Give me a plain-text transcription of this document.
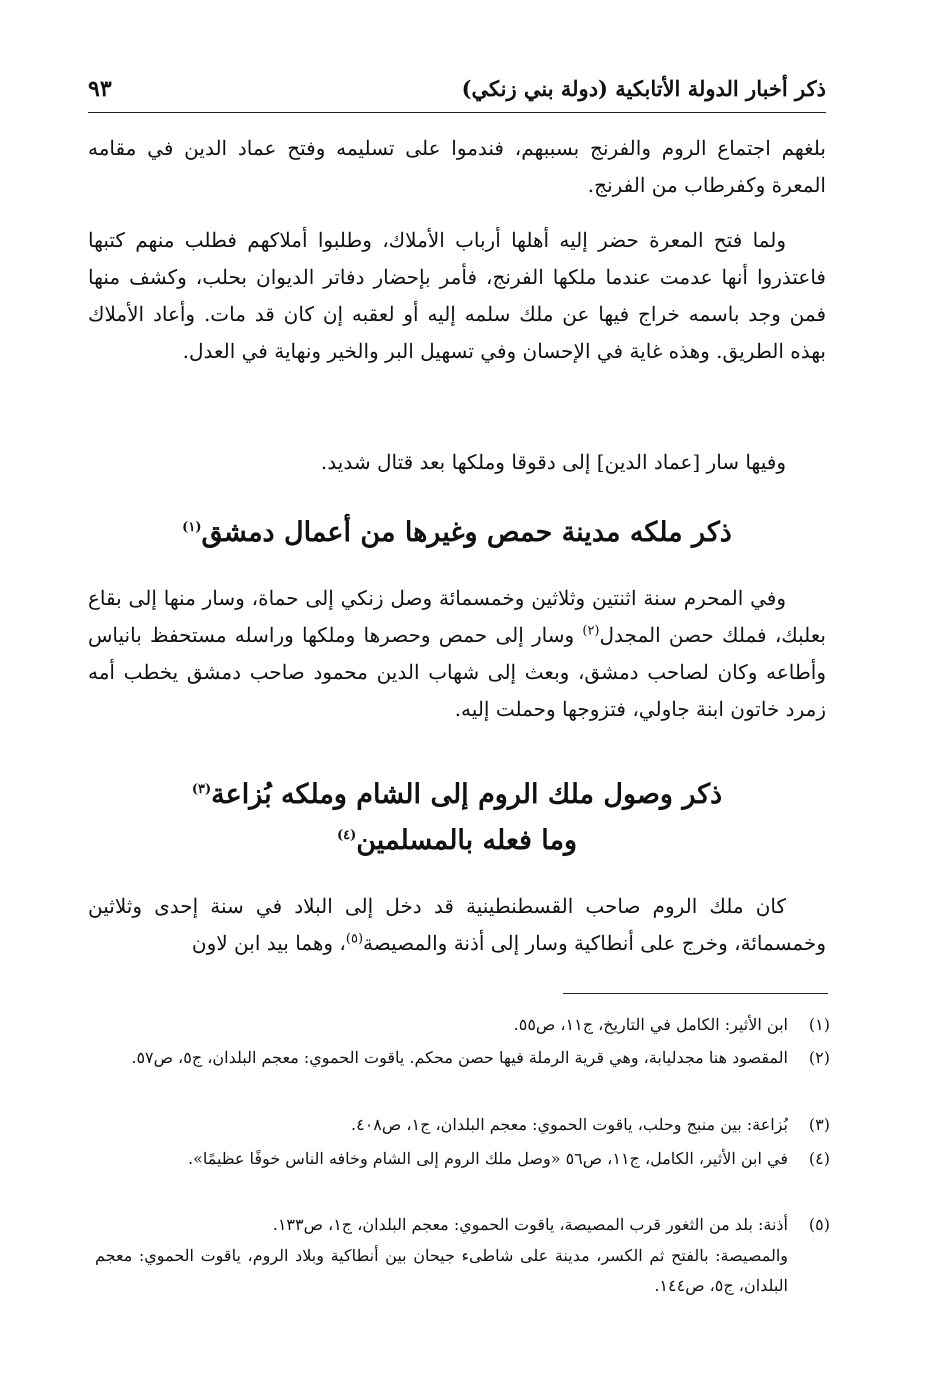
ذكر أخبار الدولة الأتابكية (دولة بني زنكي)
٩٣
بلغهم اجتماع الروم والفرنج بسببهم، فندموا على تسليمه وفتح عماد الدين في مقامه المعرة وكفرطاب من الفرنج.
ولما فتح المعرة حضر إليه أهلها أرباب الأملاك، وطلبوا أملاكهم فطلب منهم كتبها فاعتذروا أنها عدمت عندما ملكها الفرنج، فأمر بإحضار دفاتر الديوان بحلب، وكشف منها فمن وجد باسمه خراج فيها عن ملك سلمه إليه أو لعقبه إن كان قد مات. وأعاد الأملاك بهذه الطريق. وهذه غاية في الإحسان وفي تسهيل البر والخير ونهاية في العدل.
وفيها سار [عماد الدين] إلى دقوقا وملكها بعد قتال شديد.
ذكر ملكه مدينة حمص وغيرها من أعمال دمشق$^{(١)}$
وفي المحرم سنة اثنتين وثلاثين وخمسمائة وصل زنكي إلى حماة، وسار منها إلى بقاع بعلبك، فملك حصن المجدل$^{(٢)}$ وسار إلى حمص وحصرها وملكها وراسله مستحفظ بانياس وأطاعه وكان لصاحب دمشق، وبعث إلى شهاب الدين محمود صاحب دمشق يخطب أمه زمرد خاتون ابنة جاولي، فتزوجها وحملت إليه.
ذكر وصول ملك الروم إلى الشام وملكه بُزاعة$^{(٣)}$
وما فعله بالمسلمين$^{(٤)}$
كان ملك الروم صاحب القسطنطينية قد دخل إلى البلاد في سنة إحدى وثلاثين وخمسمائة، وخرج على أنطاكية وسار إلى أذنة والمصيصة$^{(٥)}$، وهما بيد ابن لاون
(١)
ابن الأثير: الكامل في التاريخ، ج١١، ص٥٥.
(٢)
المقصود هنا مجدليابة، وهي قرية الرملة فيها حصن محكم. ياقوت الحموي: معجم البلدان، ج٥، ص٥٧.
(٣)
بُزاعة: بين منبج وحلب، ياقوت الحموي: معجم البلدان، ج١، ص٤٠٨.
(٤)
في ابن الأثير، الكامل، ج١١، ص٥٦ «وصل ملك الروم إلى الشام وخافه الناس خوفًا عظيمًا».
(٥)
أذنة: بلد من الثغور قرب المصيصة، ياقوت الحموي: معجم البلدان، ج١، ص١٣٣.
والمصيصة: بالفتح ثم الكسر، مدينة على شاطىء جيحان بين أنطاكية وبلاد الروم، ياقوت الحموي: معجم البلدان، ج٥، ص١٤٤.
